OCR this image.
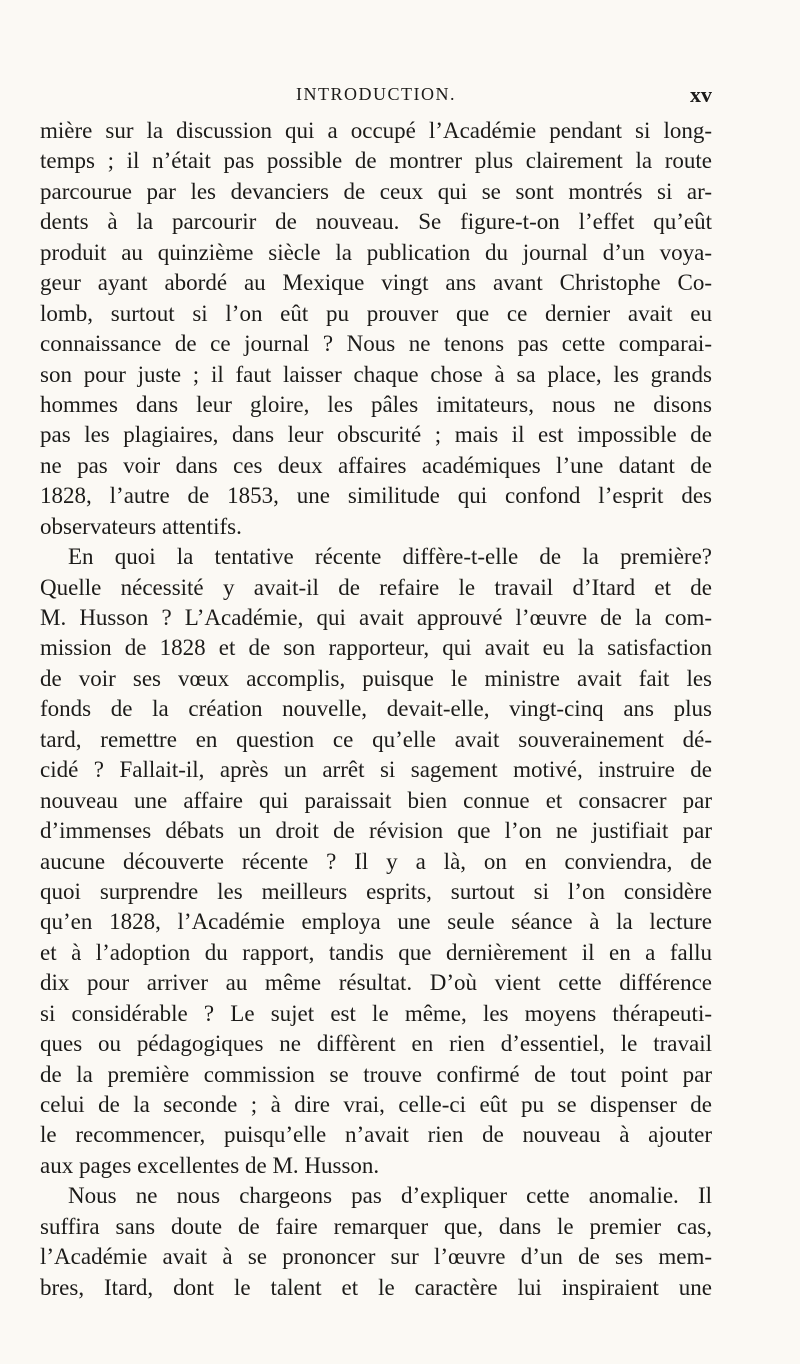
INTRODUCTION.	xv
mière sur la discussion qui a occupé l’Académie pendant si long-
temps ; il n’était pas possible de montrer plus clairement la route
parcourue par les devanciers de ceux qui se sont montrés si ar-
dents à la parcourir de nouveau. Se figure-t-on l’effet qu’eût
produit au quinzième siècle la publication du journal d’un voya-
geur ayant abordé au Mexique vingt ans avant Christophe Co-
lomb, surtout si l’on eût pu prouver que ce dernier avait eu
connaissance de ce journal ? Nous ne tenons pas cette comparai-
son pour juste ; il faut laisser chaque chose à sa place, les grands
hommes dans leur gloire, les pâles imitateurs, nous ne disons
pas les plagiaires, dans leur obscurité ; mais il est impossible de
ne pas voir dans ces deux affaires académiques l’une datant de
1828, l’autre de 1853, une similitude qui confond l’esprit des
observateurs attentifs.
En quoi la tentative récente diffère-t-elle de la première?
Quelle nécessité y avait-il de refaire le travail d’Itard et de
M. Husson ? L’Académie, qui avait approuvé l’œuvre de la com-
mission de 1828 et de son rapporteur, qui avait eu la satisfaction
de voir ses vœux accomplis, puisque le ministre avait fait les
fonds de la création nouvelle, devait-elle, vingt-cinq ans plus
tard, remettre en question ce qu’elle avait souverainement dé-
cidé ? Fallait-il, après un arrêt si sagement motivé, instruire de
nouveau une affaire qui paraissait bien connue et consacrer par
d’immenses débats un droit de révision que l’on ne justifiait par
aucune découverte récente ? Il y a là, on en conviendra, de
quoi surprendre les meilleurs esprits, surtout si l’on considère
qu’en 1828, l’Académie employa une seule séance à la lecture
et à l’adoption du rapport, tandis que dernièrement il en a fallu
dix pour arriver au même résultat. D’où vient cette différence
si considérable ? Le sujet est le même, les moyens thérapeuti-
ques ou pédagogiques ne diffèrent en rien d’essentiel, le travail
de la première commission se trouve confirmé de tout point par
celui de la seconde ; à dire vrai, celle-ci eût pu se dispenser de
le recommencer, puisqu’elle n’avait rien de nouveau à ajouter
aux pages excellentes de M. Husson.
Nous ne nous chargeons pas d’expliquer cette anomalie. Il
suffira sans doute de faire remarquer que, dans le premier cas,
l’Académie avait à se prononcer sur l’œuvre d’un de ses mem-
bres, Itard, dont le talent et le caractère lui inspiraient une
